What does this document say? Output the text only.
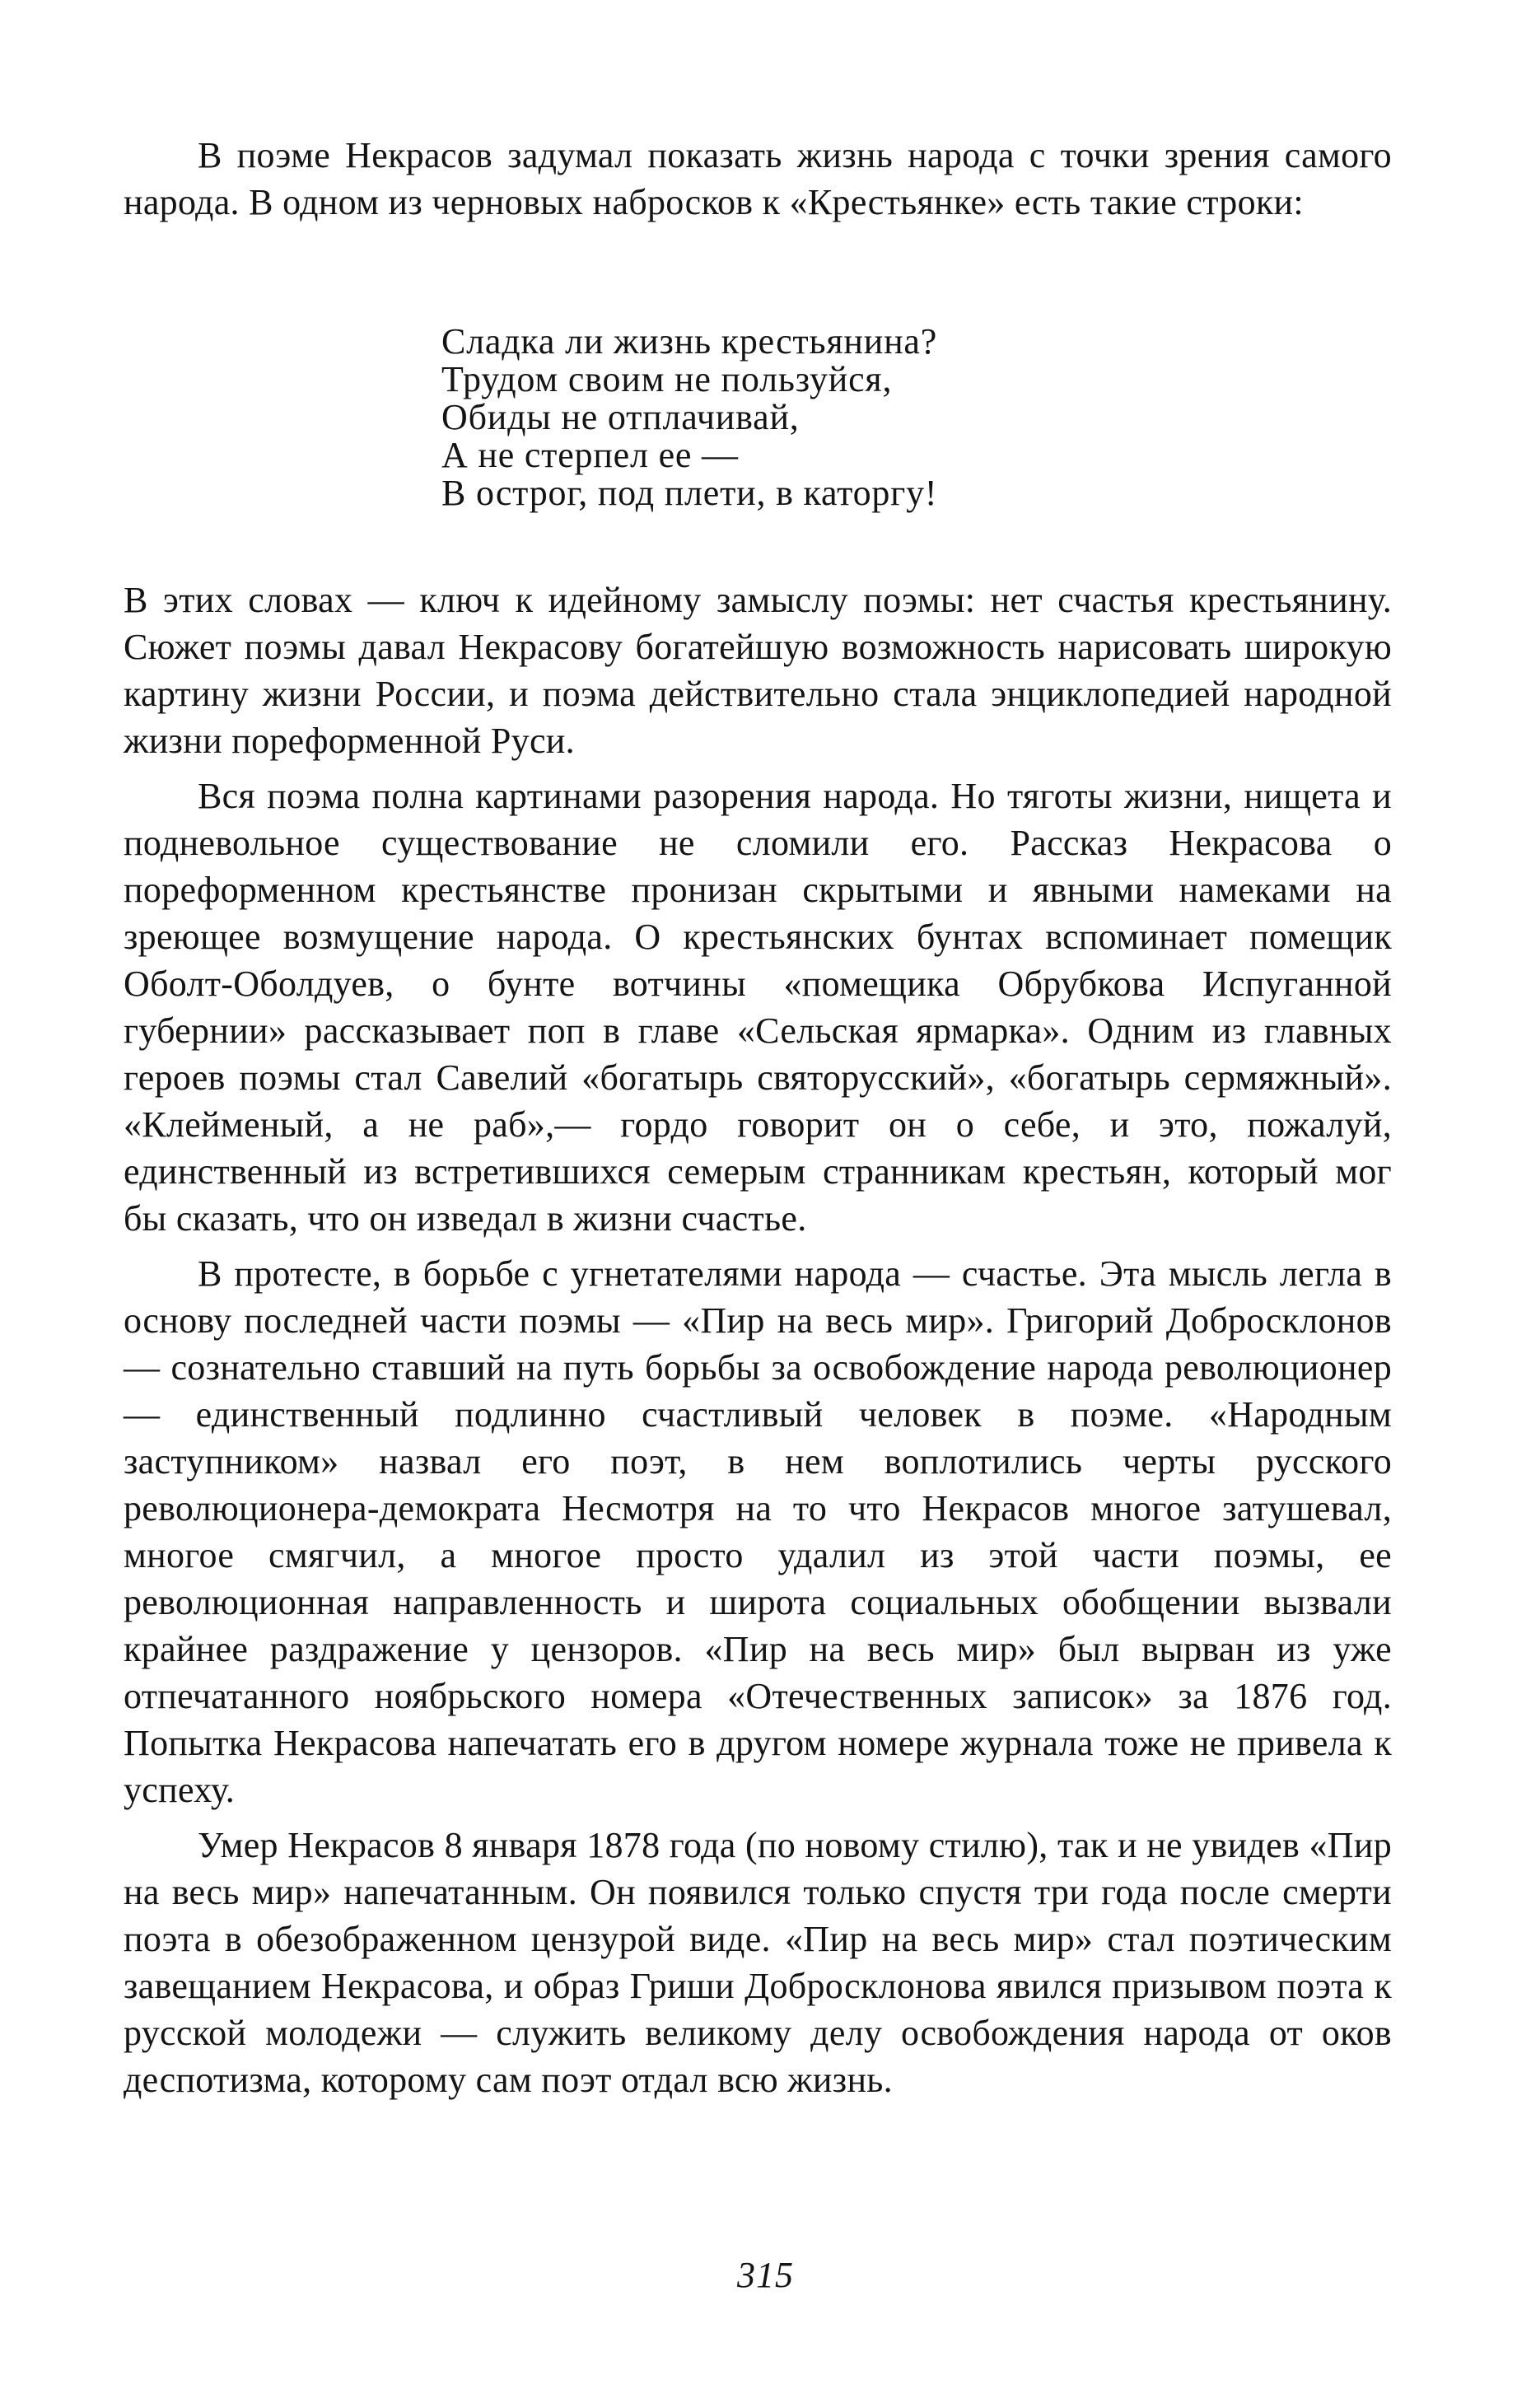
В поэме Некрасов задумал показать жизнь народа с точки зрения самого народа. В одном из черновых набросков к «Крестьянке» есть такие строки:

Сладка ли жизнь крестьянина?
Трудом своим не пользуйся,
Обиды не отплачивай,
А не стерпел ее —
В острог, под плети, в каторгу!

В этих словах — ключ к идейному замыслу поэмы: нет счастья крестьянину. Сюжет поэмы давал Некрасову богатейшую возможность нарисовать широкую картину жизни России, и поэма действительно стала энциклопедией народной жизни пореформенной Руси.

Вся поэма полна картинами разорения народа. Но тяготы жизни, нищета и подневольное существование не сломили его. Рассказ Некрасова о пореформенном крестьянстве пронизан скрытыми и явными намеками на зреющее возмущение народа. О крестьянских бунтах вспоминает помещик Оболт-Оболдуев, о бунте вотчины «помещика Обрубкова Испуганной губернии» рассказывает поп в главе «Сельская ярмарка». Одним из главных героев поэмы стал Савелий «богатырь святорусский», «богатырь сермяжный». «Клейменый, а не раб»,— гордо говорит он о себе, и это, пожалуй, единственный из встретившихся семерым странникам крестьян, который мог бы сказать, что он изведал в жизни счастье.

В протесте, в борьбе с угнетателями народа — счастье. Эта мысль легла в основу последней части поэмы — «Пир на весь мир». Григорий Добросклонов — сознательно ставший на путь борьбы за освобождение народа революционер — единственный подлинно счастливый человек в поэме. «Народным заступником» назвал его поэт, в нем воплотились черты русского революционера-демократа Несмотря на то что Некрасов многое затушевал, многое смягчил, а многое просто удалил из этой части поэмы, ее революционная направленность и широта социальных обобщении вызвали крайнее раздражение у цензоров. «Пир на весь мир» был вырван из уже отпечатанного ноябрьского номера «Отечественных записок» за 1876 год. Попытка Некрасова напечатать его в другом номере журнала тоже не привела к успеху.

Умер Некрасов 8 января 1878 года (по новому стилю), так и не увидев «Пир на весь мир» напечатанным. Он появился только спустя три года после смерти поэта в обезображенном цензурой виде. «Пир на весь мир» стал поэтическим завещанием Некрасова, и образ Гриши Добросклонова явился призывом поэта к русской молодежи — служить великому делу освобождения народа от оков деспотизма, которому сам поэт отдал всю жизнь.

315
